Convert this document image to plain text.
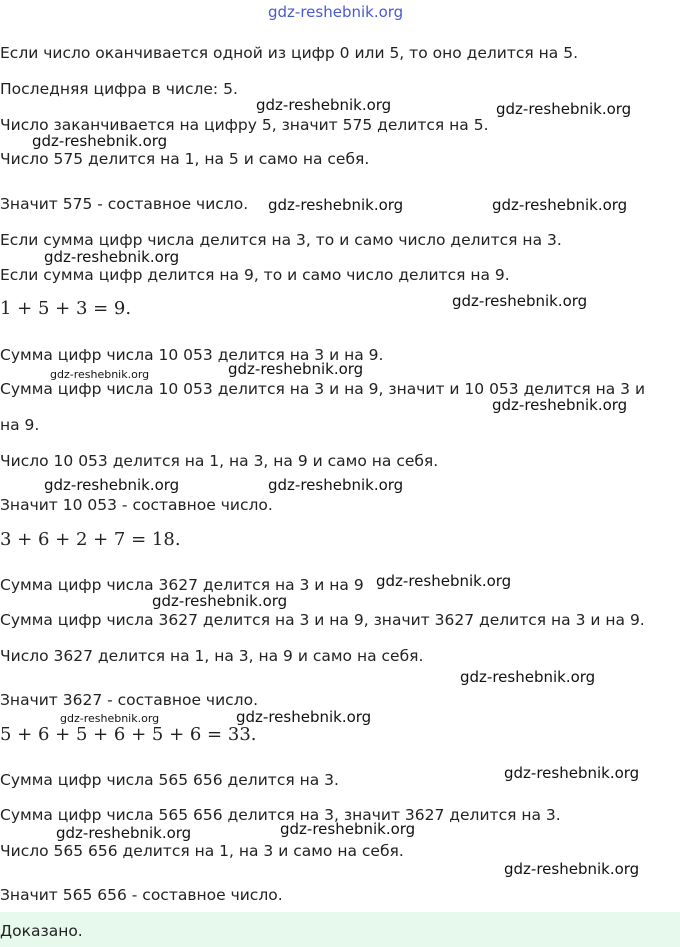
gdz-reshebnik.org
Если число оканчивается одной из цифр 0 или 5, то оно делится на 5.
Последняя цифра в числе: 5.
Число заканчивается на цифру 5, значит 575 делится на 5.
Число 575 делится на 1, на 5 и само на себя.
Значит 575 - составное число.
Если сумма цифр числа делится на 3, то и само число делится на 3.
Если сумма цифр делится на 9, то и само число делится на 9.
1 + 5 + 3 = 9.
Сумма цифр числа 10 053 делится на 3 и на 9.
Сумма цифр числа 10 053 делится на 3 и на 9, значит и 10 053 делится на 3 и
на 9.
Число 10 053 делится на 1, на 3, на 9 и само на себя.
Значит 10 053 - составное число.
3 + 6 + 2 + 7 = 18.
Сумма цифр числа 3627 делится на 3 и на 9
Сумма цифр числа 3627 делится на 3 и на 9, значит 3627 делится на 3 и на 9.
Число 3627 делится на 1, на 3, на 9 и само на себя.
Значит 3627 - составное число.
5 + 6 + 5 + 6 + 5 + 6 = 33.
Сумма цифр числа 565 656 делится на 3.
Сумма цифр числа 565 656 делится на 3, значит 3627 делится на 3.
Число 565 656 делится на 1, на 3 и само на себя.
Значит 565 656 - составное число.
Доказано.
gdz-reshebnik.org	gdz-reshebnik.org
gdz-reshebnik.org
gdz-reshebnik.org	gdz-reshebnik.org
gdz-reshebnik.org
gdz-reshebnik.org
gdz-reshebnik.org
gdz-reshebnik.org
gdz-reshebnik.org
gdz-reshebnik.org	gdz-reshebnik.org
gdz-reshebnik.org
gdz-reshebnik.org
gdz-reshebnik.org
gdz-reshebnik.org	gdz-reshebnik.org
gdz-reshebnik.org
gdz-reshebnik.org	gdz-reshebnik.org
gdz-reshebnik.org
